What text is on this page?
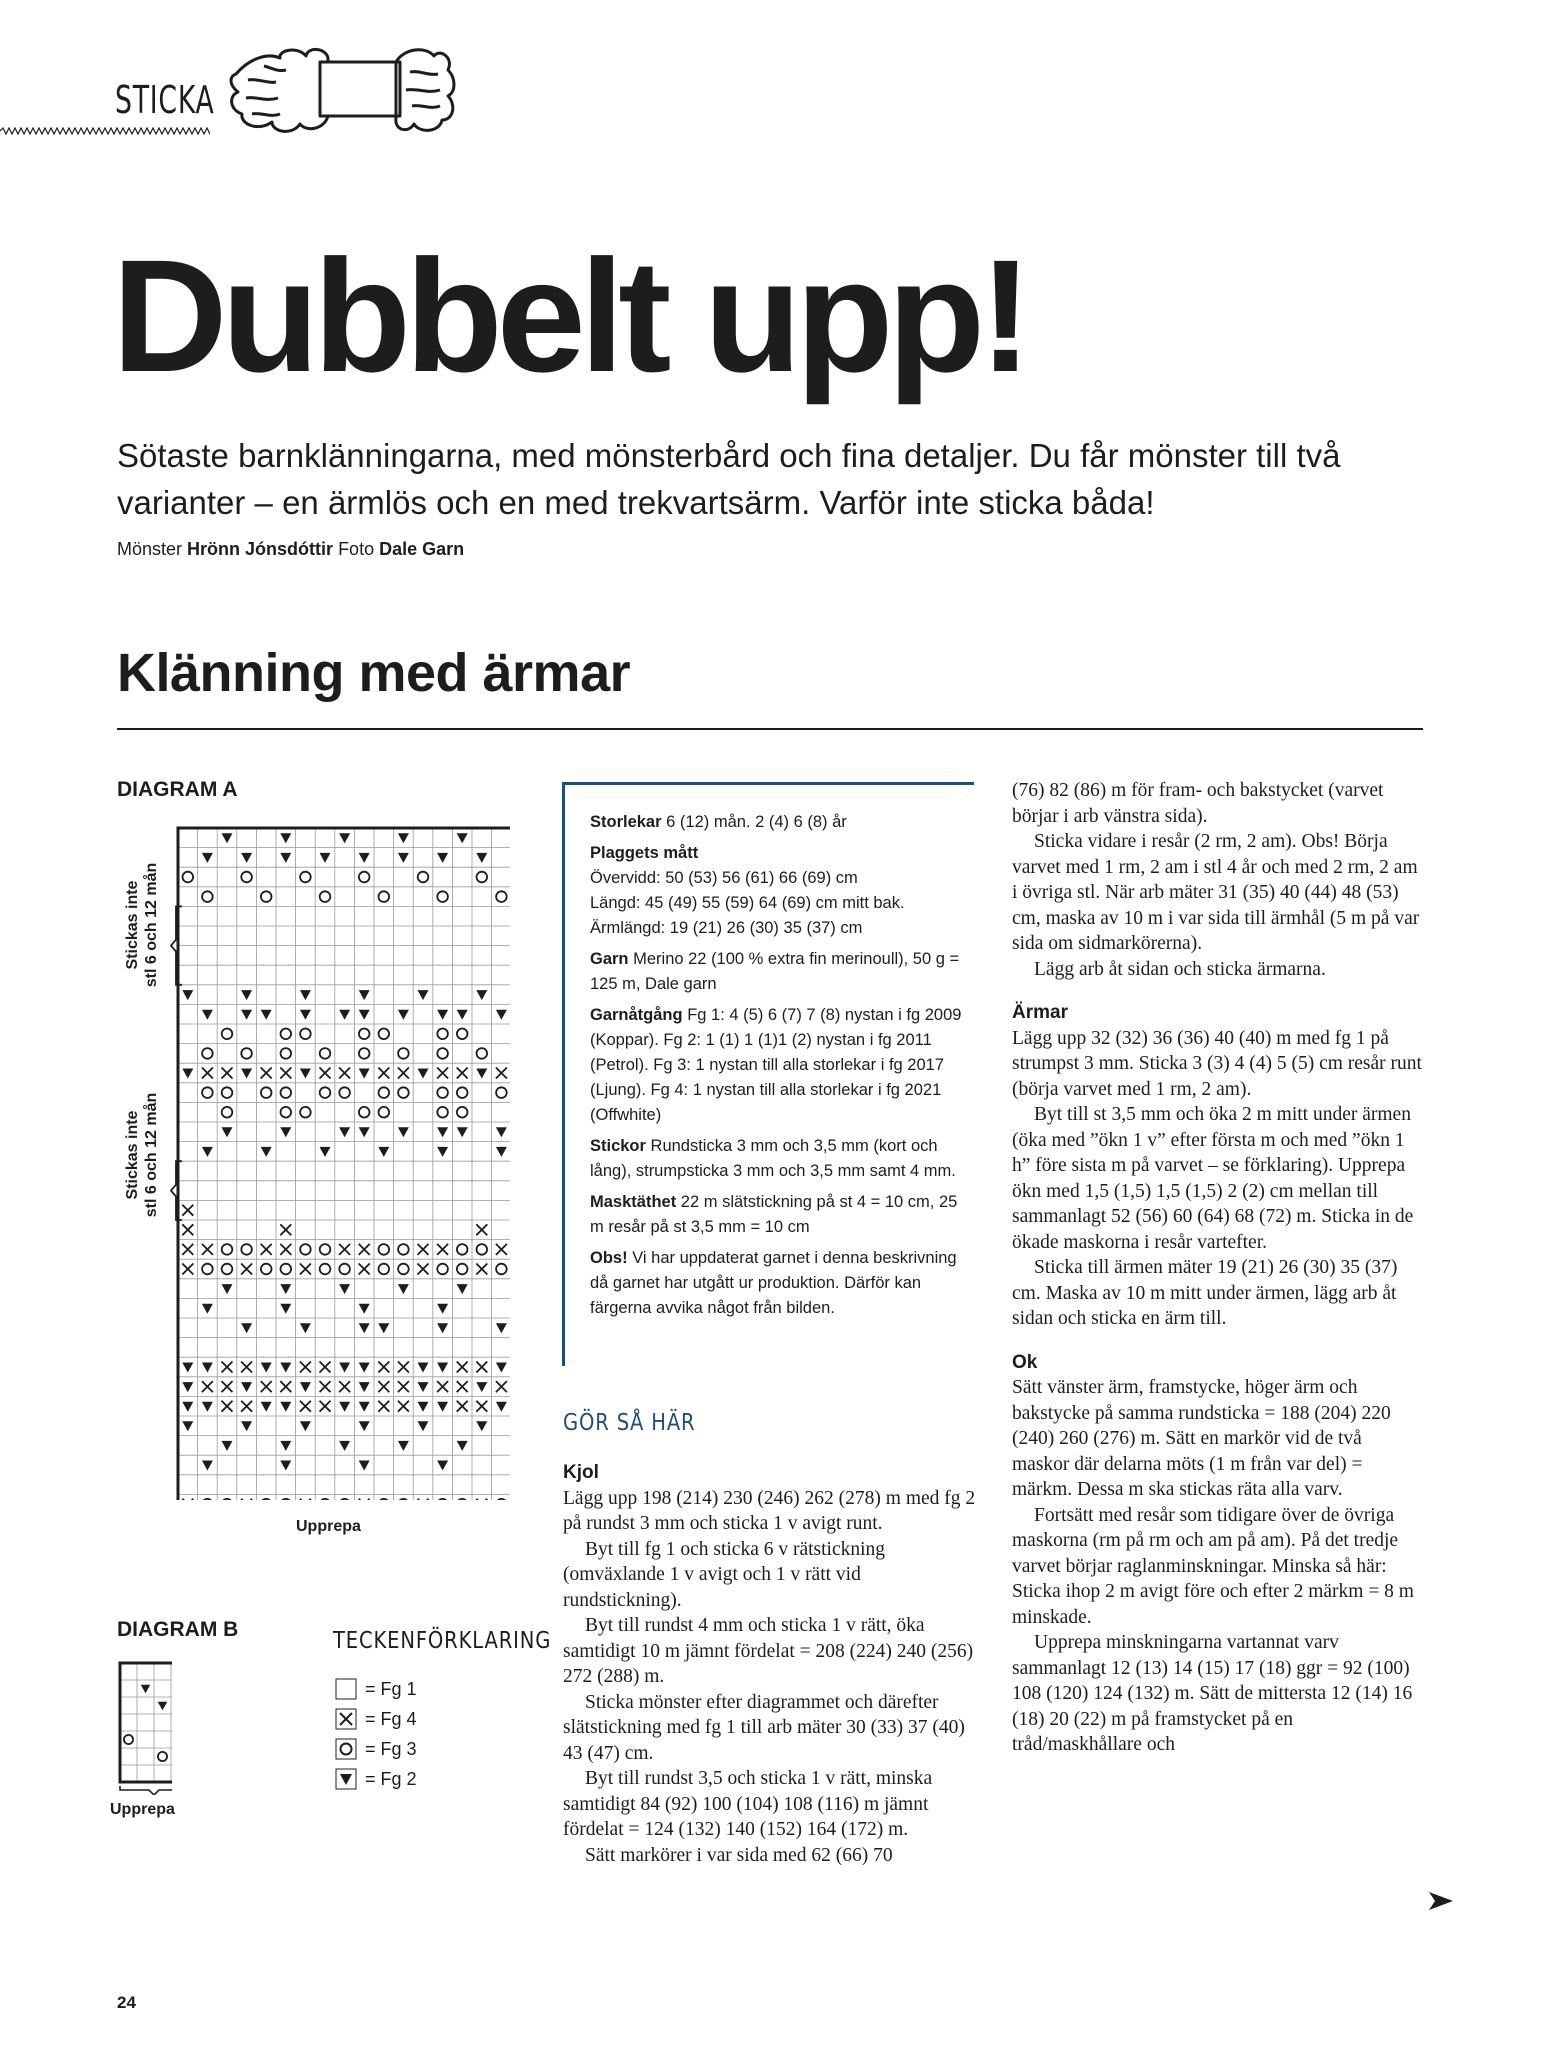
STICKA
Dubbelt upp!
Sötaste barnklänningarna, med mönsterbård och fina detaljer. Du får mönster till två varianter – en ärmlös och en med trekvartsärm. Varför inte sticka båda!
Mönster Hrönn Jónsdóttir Foto Dale Garn
Klänning med ärmar
DIAGRAM A
Stickas inte stl 6 och 12 mån
Stickas inte stl 6 och 12 mån
Upprepa
DIAGRAM B
Upprepa
TECKENFÖRKLARING
= Fg 1
= Fg 4
= Fg 3
= Fg 2

Storlekar 6 (12) mån. 2 (4) 6 (8) år

Plaggets mått

Övervidd: 50 (53) 56 (61) 66 (69) cm

Längd: 45 (49) 55 (59) 64 (69) cm mitt bak.

Ärmlängd: 19 (21) 26 (30) 35 (37) cm

Garn Merino 22 (100 % extra fin merinoull), 50 g = 125 m, Dale garn

Garnåtgång Fg 1: 4 (5) 6 (7) 7 (8) nystan i fg 2009 (Koppar). Fg 2: 1 (1) 1 (1)1 (2) nystan i fg 2011 (Petrol). Fg 3: 1 nystan till alla storlekar i fg 2017 (Ljung). Fg 4: 1 nystan till alla storlekar i fg 2021 (Offwhite)

Stickor Rundsticka 3 mm och 3,5 mm (kort och lång), strumpsticka 3 mm och 3,5 mm samt 4 mm.

Masktäthet 22 m slätstickning på st 4 = 10 cm, 25 m resår på st 3,5 mm = 10 cm

Obs! Vi har uppdaterat garnet i denna beskrivning då garnet har utgått ur produktion. Därför kan färgerna avvika något från bilden.

GÖR SÅ HÄR

Kjol

Lägg upp 198 (214) 230 (246) 262 (278) m med fg 2 på rundst 3 mm och sticka 1 v avigt runt.

Byt till fg 1 och sticka 6 v rätstickning (omväxlande 1 v avigt och 1 v rätt vid rundstickning).

Byt till rundst 4 mm och sticka 1 v rätt, öka samtidigt 10 m jämnt fördelat = 208 (224) 240 (256) 272 (288) m.

Sticka mönster efter diagrammet och därefter slätstickning med fg 1 till arb mäter 30 (33) 37 (40) 43 (47) cm.

Byt till rundst 3,5 och sticka 1 v rätt, minska samtidigt 84 (92) 100 (104) 108 (116) m jämnt fördelat = 124 (132) 140 (152) 164 (172) m.

Sätt markörer i var sida med 62 (66) 70

(76) 82 (86) m för fram- och bakstycket (varvet börjar i arb vänstra sida).

Sticka vidare i resår (2 rm, 2 am). Obs! Börja varvet med 1 rm, 2 am i stl 4 år och med 2 rm, 2 am i övriga stl. När arb mäter 31 (35) 40 (44) 48 (53) cm, maska av 10 m i var sida till ärmhål (5 m på var sida om sidmarkörerna).

Lägg arb åt sidan och sticka ärmarna.

Ärmar

Lägg upp 32 (32) 36 (36) 40 (40) m med fg 1 på strumpst 3 mm. Sticka 3 (3) 4 (4) 5 (5) cm resår runt (börja varvet med 1 rm, 2 am).

Byt till st 3,5 mm och öka 2 m mitt under ärmen (öka med ”ökn 1 v” efter första m och med ”ökn 1 h” före sista m på varvet – se förklaring). Upprepa ökn med 1,5 (1,5) 1,5 (1,5) 2 (2) cm mellan till sammanlagt 52 (56) 60 (64) 68 (72) m. Sticka in de ökade maskorna i resår vartefter.

Sticka till ärmen mäter 19 (21) 26 (30) 35 (37) cm. Maska av 10 m mitt under ärmen, lägg arb åt sidan och sticka en ärm till.

Ok

Sätt vänster ärm, framstycke, höger ärm och bakstycke på samma rundsticka = 188 (204) 220 (240) 260 (276) m. Sätt en markör vid de två maskor där delarna möts (1 m från var del) = märkm. Dessa m ska stickas räta alla varv.

Fortsätt med resår som tidigare över de övriga maskorna (rm på rm och am på am). På det tredje varvet börjar raglanminskningar. Minska så här: Sticka ihop 2 m avigt före och efter 2 märkm = 8 m minskade.

Upprepa minskningarna vartannat varv sammanlagt 12 (13) 14 (15) 17 (18) ggr = 92 (100) 108 (120) 124 (132) m. Sätt de mittersta 12 (14) 16 (18) 20 (22) m på framstycket på en tråd/maskhållare och

24
